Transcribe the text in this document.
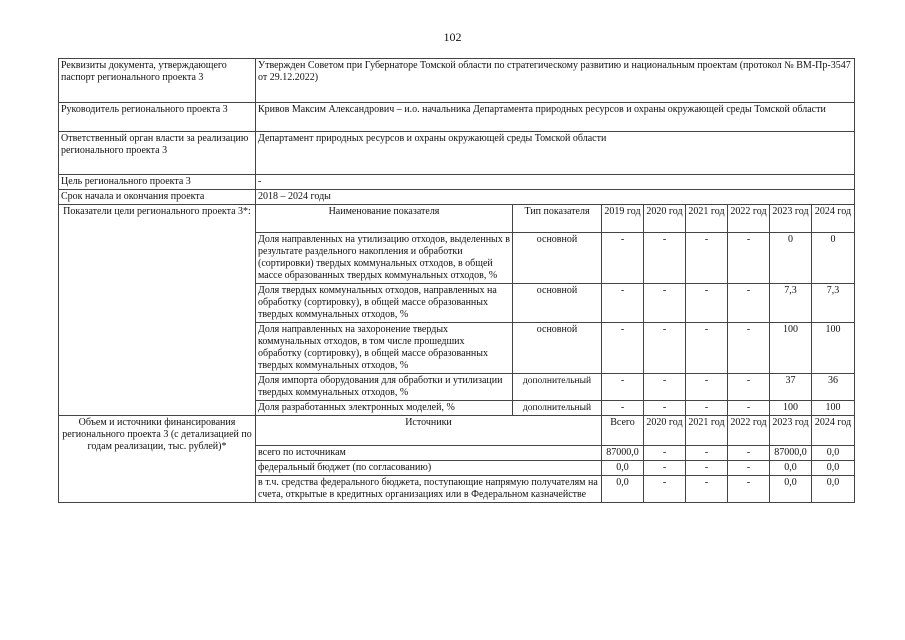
102
Реквизиты документа, утверждающего паспорт регионального проекта 3	Утвержден Советом при Губернаторе Томской области по стратегическому развитию и национальным проектам (протокол № ВМ-Пр-3547 от 29.12.2022)							
Руководитель регионального проекта 3	Кривов Максим Александрович – и.о. начальника Департамента природных ресурсов и охраны окружающей среды Томской области							
Ответственный орган власти за реализацию регионального проекта 3	Департамент природных ресурсов и охраны окружающей среды Томской области							
Цель регионального проекта 3	-							
Срок начала и окончания проекта	2018 – 2024 годы							
Показатели цели регионального проекта 3*:	Наименование показателя	Тип показателя	2019 год	2020 год	2021 год	2022 год	2023 год	2024 год
	Доля направленных на утилизацию отходов, выделенных в результате раздельного накопления и обработки (сортировки) твердых коммунальных отходов, в общей массе образованных твердых коммунальных отходов, %	основной	-	-	-	-	0	0
	Доля твердых коммунальных отходов, направленных на обработку (сортировку), в общей массе образованных твердых коммунальных отходов, %	основной	-	-	-	-	7,3	7,3
	Доля направленных на захоронение твердых коммунальных отходов, в том числе прошедших обработку (сортировку), в общей массе образованных твердых коммунальных отходов, %	основной	-	-	-	-	100	100
	Доля импорта оборудования для обработки и утилизации твердых коммунальных отходов, %	дополнительный	-	-	-	-	37	36
	Доля разработанных электронных моделей, %	дополнительный	-	-	-	-	100	100
Объем и источники финансирования регионального проекта 3 (с детализацией по годам реализации, тыс. рублей)*	Источники		Всего	2020 год	2021 год	2022 год	2023 год	2024 год
	всего по источникам		87000,0	-	-	-	87000,0	0,0
	федеральный бюджет (по согласованию)		0,0	-	-	-	0,0	0,0
	в т.ч. средства федерального бюджета, поступающие напрямую получателям на счета, открытые в кредитных организациях или в Федеральном казначействе		0,0	-	-	-	0,0	0,0
